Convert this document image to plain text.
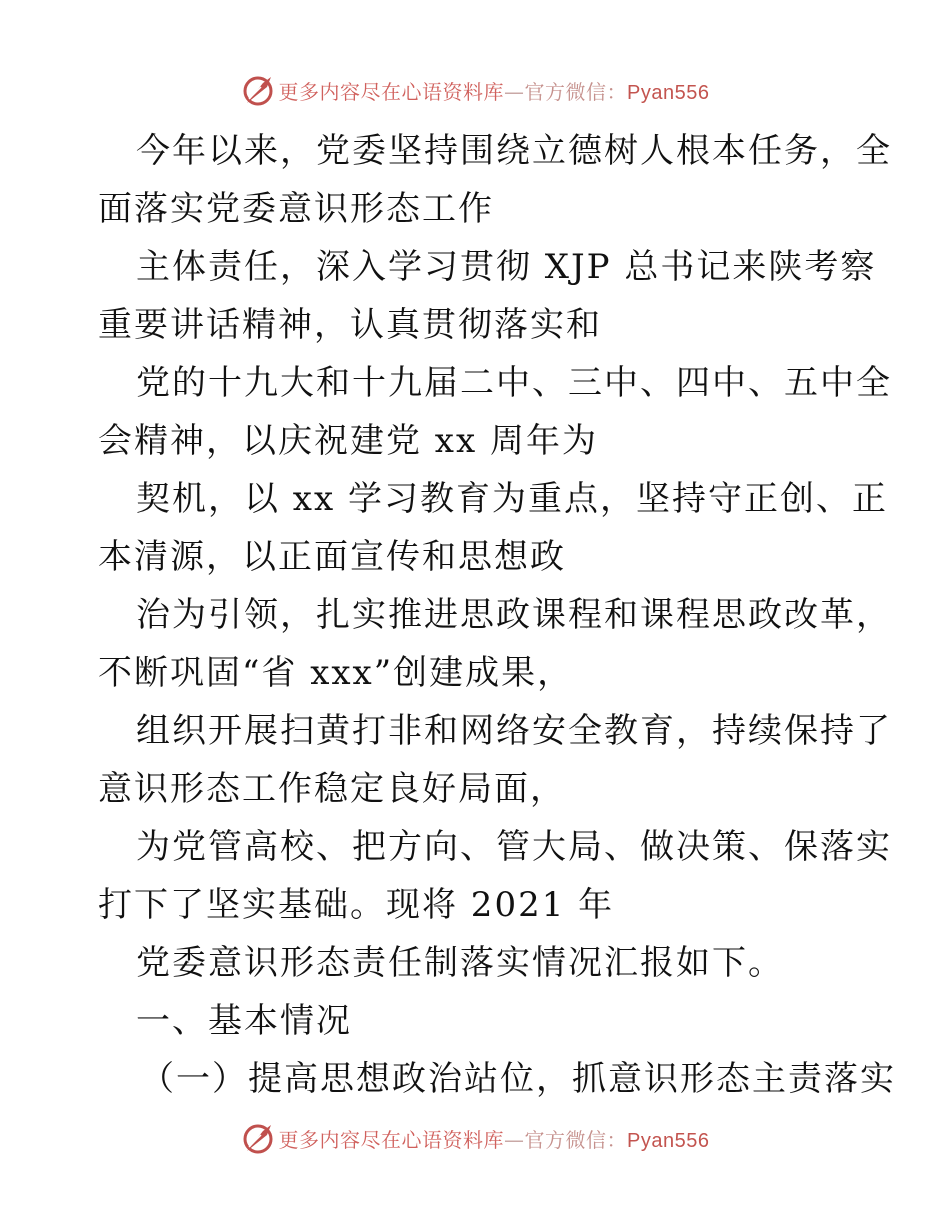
更多内容尽在心语资料库—官方微信：Pyan556
今年以来，党委坚持围绕立德树人根本任务，全
面落实党委意识形态工作
主体责任，深入学习贯彻 XJP 总书记来陕考察
重要讲话精神，认真贯彻落实和
党的十九大和十九届二中、三中、四中、五中全
会精神，以庆祝建党 xx 周年为
契机，以 xx 学习教育为重点，坚持守正创、正
本清源，以正面宣传和思想政
治为引领，扎实推进思政课程和课程思政改革，
不断巩固“省 xxx”创建成果，
组织开展扫黄打非和网络安全教育，持续保持了
意识形态工作稳定良好局面，
为党管高校、把方向、管大局、做决策、保落实
打下了坚实基础。现将 2021 年
党委意识形态责任制落实情况汇报如下。
一、基本情况
（一）提高思想政治站位，抓意识形态主责落实
更多内容尽在心语资料库—官方微信：Pyan556
